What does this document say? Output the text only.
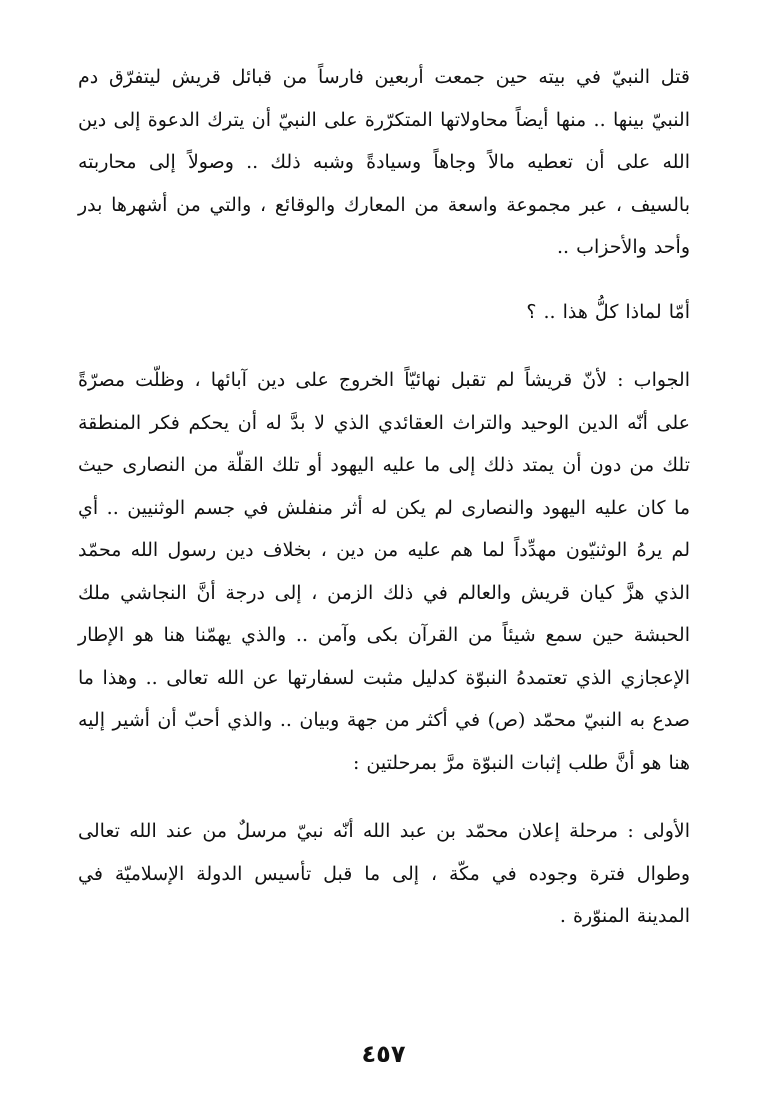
قتل النبيّ في بيته حين جمعت أربعين فارساً من قبائل قريش ليتفرّق دم النبيّ بينها .. منها أيضاً محاولاتها المتكرّرة على النبيّ أن يترك الدعوة إلى دين الله على أن تعطيه مالاً وجاهاً وسيادةً وشبه ذلك .. وصولاً إلى محاربته بالسيف ، عبر مجموعة واسعة من المعارك والوقائع ، والتي من أشهرها بدر وأحد والأحزاب ..

أمّا لماذا كلُّ هذا .. ؟

الجواب : لأنّ قريشاً لم تقبل نهائيّاً الخروج على دين آبائها ، وظلّت مصرّةً على أنّه الدين الوحيد والتراث العقائدي الذي لا بدَّ له أن يحكم فكر المنطقة تلك من دون أن يمتد ذلك إلى ما عليه اليهود أو تلك القلّة من النصارى حيث ما كان عليه اليهود والنصارى لم يكن له أثر منفلش في جسم الوثنيين .. أي لم يرهُ الوثنيّون مهدِّداً لما هم عليه من دين ، بخلاف دين رسول الله محمّد الذي هزَّ كيان قريش والعالم في ذلك الزمن ، إلى درجة أنَّ النجاشي ملك الحبشة حين سمع شيئاً من القرآن بكى وآمن .. والذي يهمّنا هنا هو الإطار الإعجازي الذي تعتمدهُ النبوّة كدليل مثبت لسفارتها عن الله تعالى .. وهذا ما صدع به النبيّ محمّد (ص) في أكثر من جهة وبيان .. والذي أحبّ أن أشير إليه هنا هو أنَّ طلب إثبات النبوّة مرَّ بمرحلتين :

الأولى : مرحلة إعلان محمّد بن عبد الله أنّه نبيّ مرسلٌ من عند الله تعالى وطوال فترة وجوده في مكّة ، إلى ما قبل تأسيس الدولة الإسلاميّة في المدينة المنوّرة .

٤٥٧
